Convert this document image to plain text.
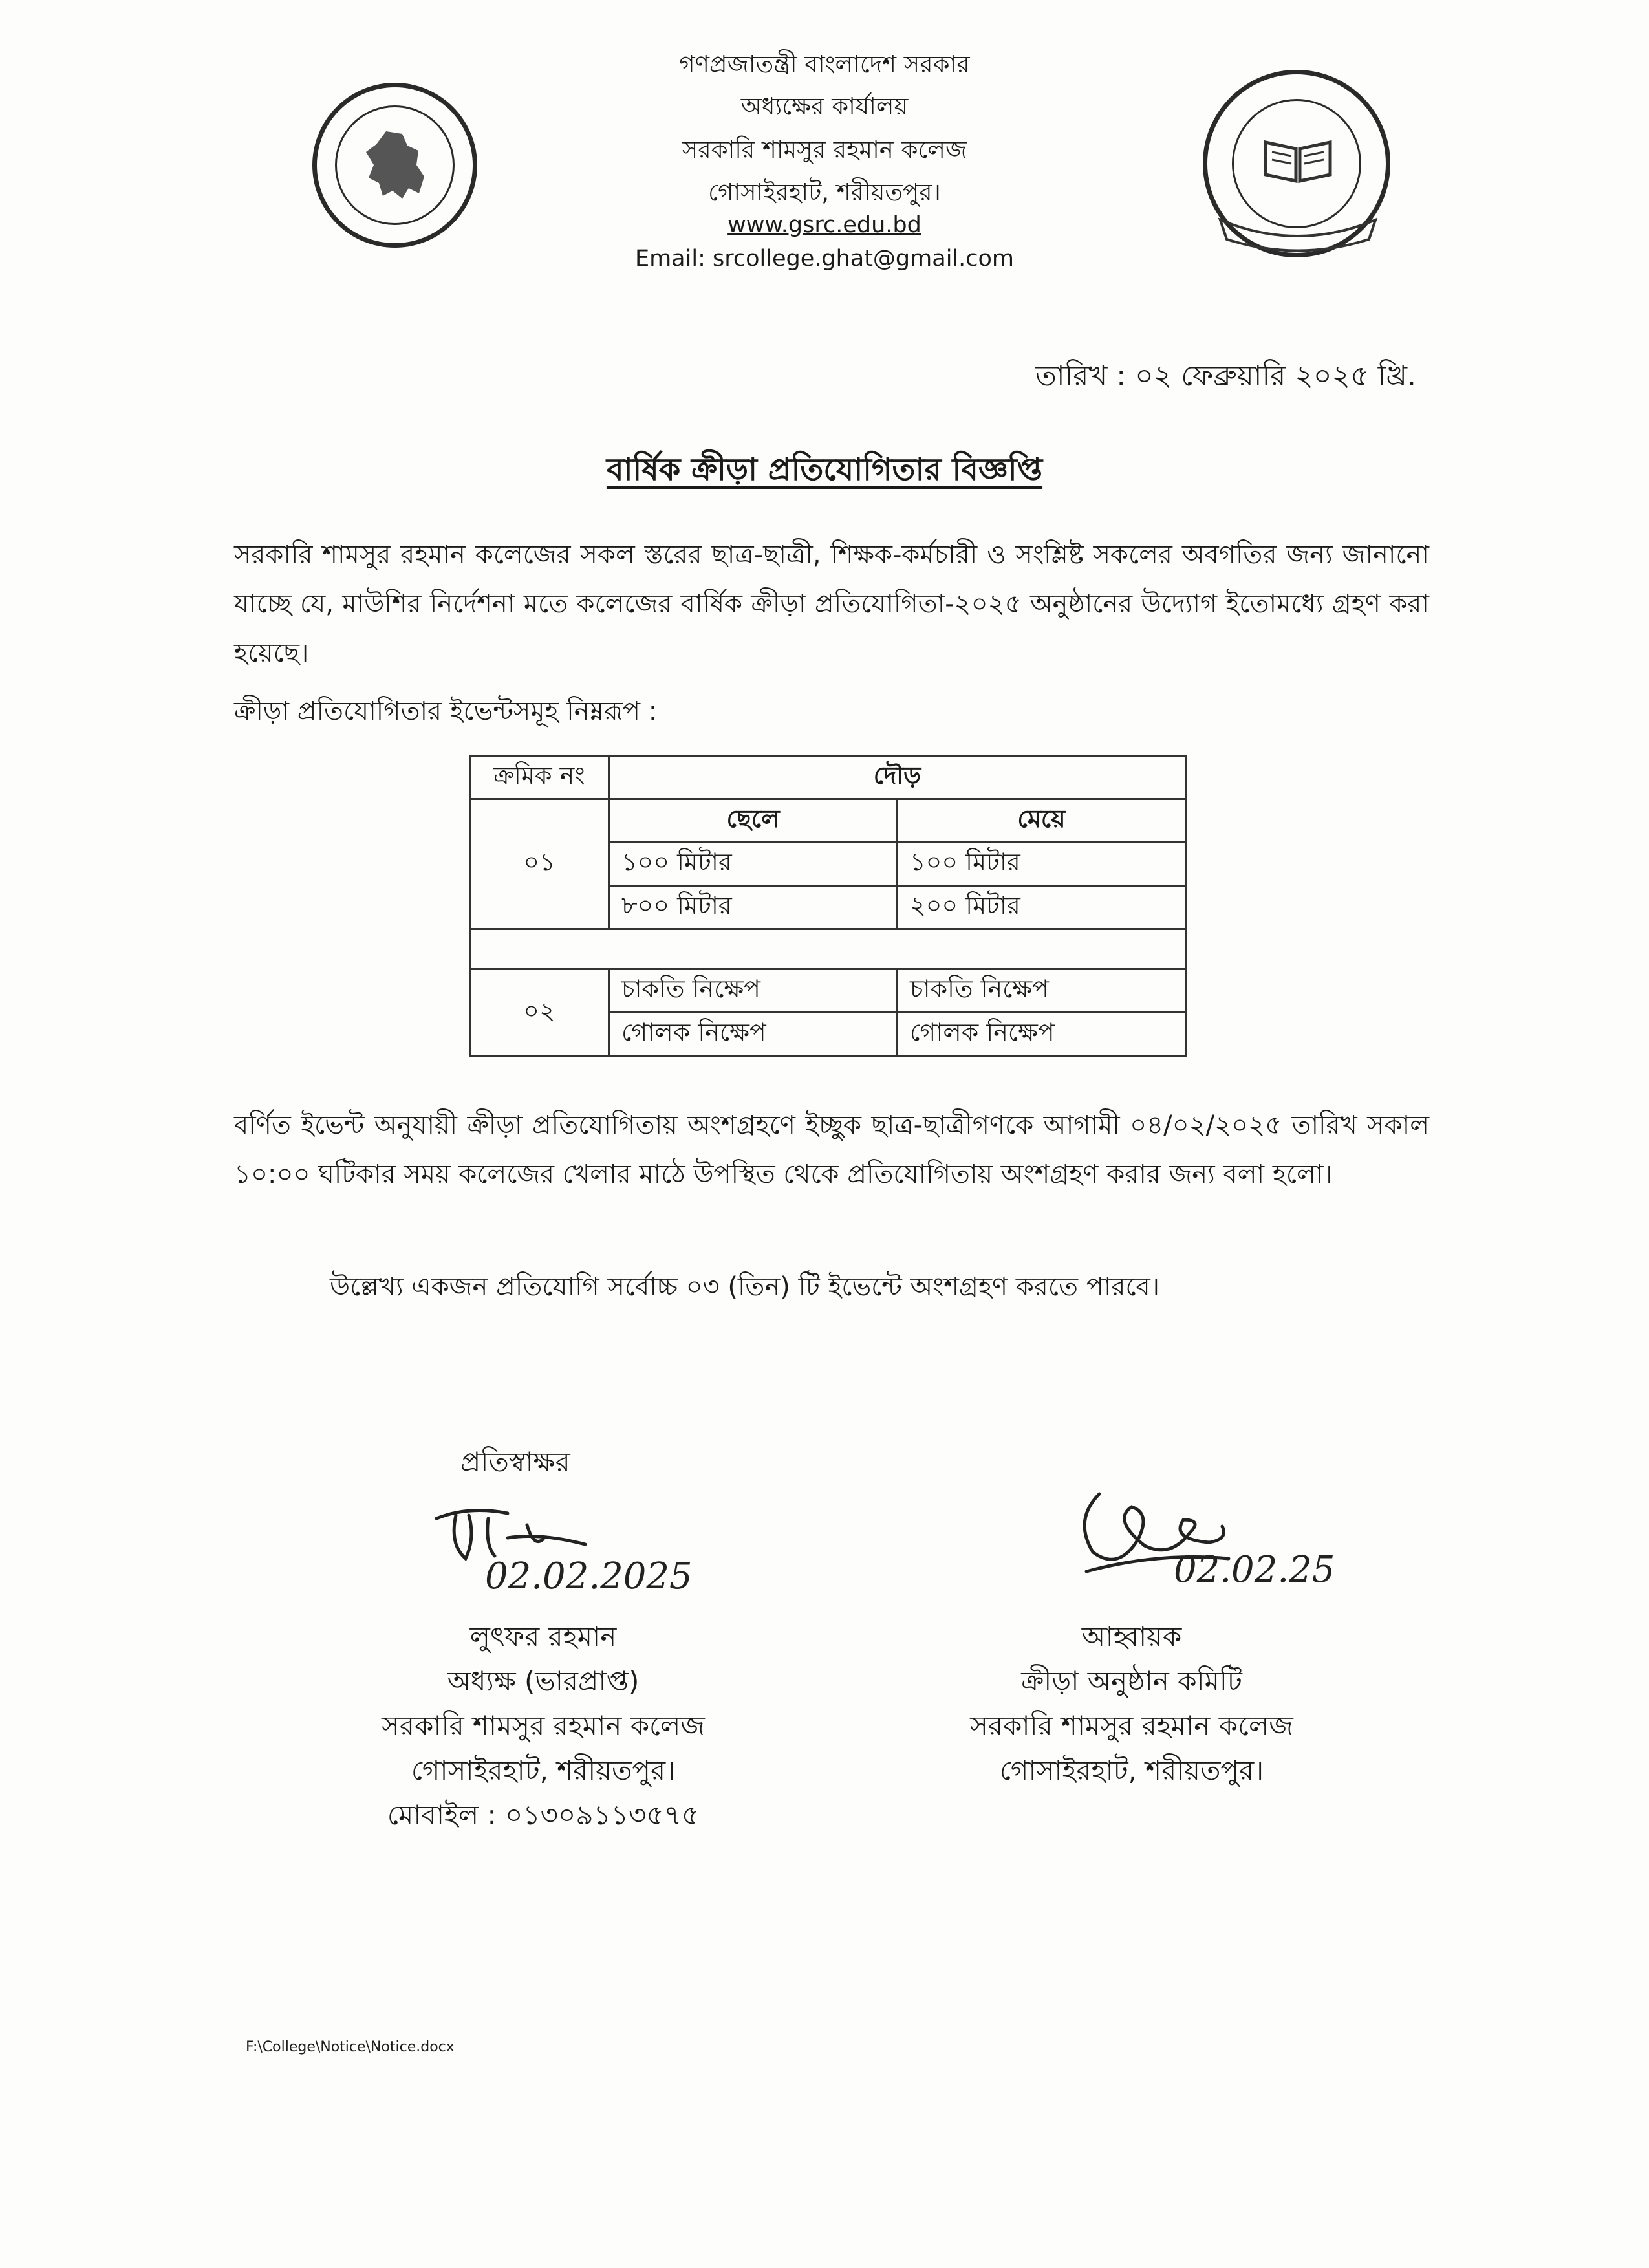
গণপ্রজাতন্ত্রী বাংলাদেশ সরকার
অধ্যক্ষের কার্যালয়
সরকারি শামসুর রহমান কলেজ
গোসাইরহাট, শরীয়তপুর।
www.gsrc.edu.bd
Email: srcollege.ghat@gmail.com
তারিখ : ০২ ফেব্রুয়ারি ২০২৫ খ্রি.
বার্ষিক ক্রীড়া প্রতিযোগিতার বিজ্ঞপ্তি
সরকারি শামসুর রহমান কলেজের সকল স্তরের ছাত্র-ছাত্রী, শিক্ষক-কর্মচারী ও সংশ্লিষ্ট সকলের অবগতির জন্য জানানো যাচ্ছে যে, মাউশির নির্দেশনা মতে কলেজের বার্ষিক ক্রীড়া প্রতিযোগিতা-২০২৫ অনুষ্ঠানের উদ্যোগ ইতোমধ্যে গ্রহণ করা হয়েছে।
ক্রীড়া প্রতিযোগিতার ইভেন্টসমূহ নিম্নরূপ :
ক্রমিক নং	দৌড়	
০১	ছেলে	মেয়ে
	১০০ মিটার	১০০ মিটার
	৮০০ মিটার	২০০ মিটার

০২	চাকতি নিক্ষেপ	চাকতি নিক্ষেপ
	গোলক নিক্ষেপ	গোলক নিক্ষেপ
বর্ণিত ইভেন্ট অনুযায়ী ক্রীড়া প্রতিযোগিতায় অংশগ্রহণে ইচ্ছুক ছাত্র-ছাত্রীগণকে আগামী ০৪/০২/২০২৫ তারিখ সকাল ১০:০০ ঘটিকার সময় কলেজের খেলার মাঠে উপস্থিত থেকে প্রতিযোগিতায় অংশগ্রহণ করার জন্য বলা হলো।
উল্লেখ্য একজন প্রতিযোগি সর্বোচ্চ ০৩ (তিন) টি ইভেন্টে অংশগ্রহণ করতে পারবে।
প্রতিস্বাক্ষর
02.02.2025
লুৎফর রহমান
অধ্যক্ষ (ভারপ্রাপ্ত)
সরকারি শামসুর রহমান কলেজ
গোসাইরহাট, শরীয়তপুর।
মোবাইল : ০১৩০৯১১৩৫৭৫
02.02.25
আহ্বায়ক
ক্রীড়া অনুষ্ঠান কমিটি
সরকারি শামসুর রহমান কলেজ
গোসাইরহাট, শরীয়তপুর।
F:\College\Notice\Notice.docx
